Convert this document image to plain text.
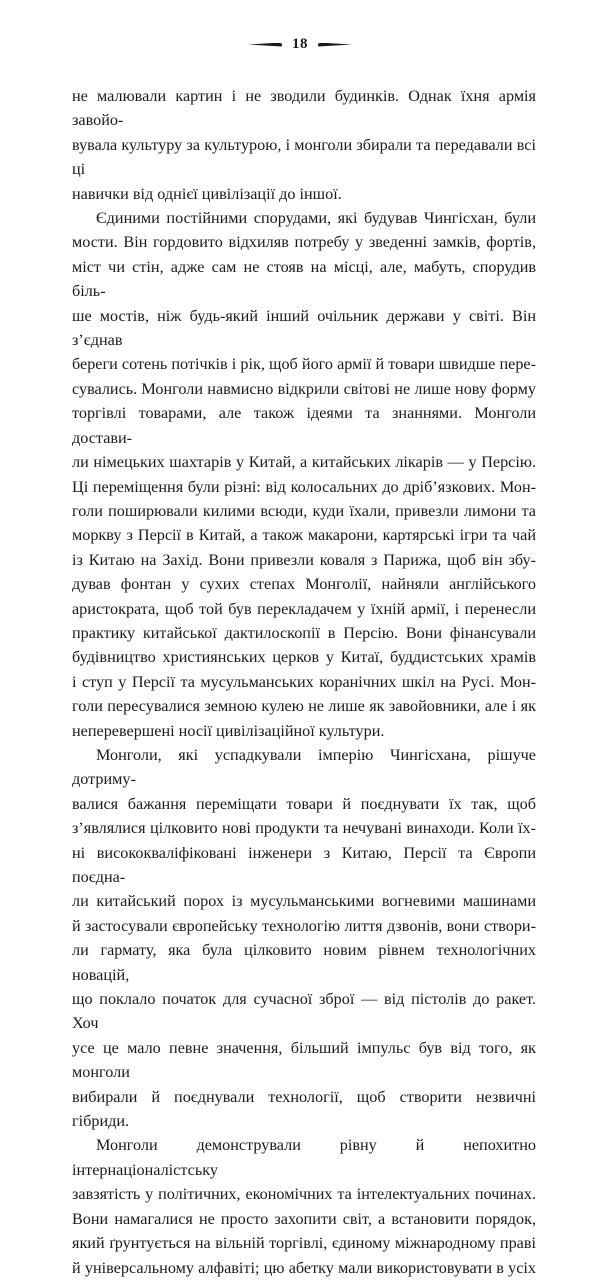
18

не малювали картин і не зводили будинків. Однак їхня армія завойо-

вувала культуру за культурою, і монголи збирали та передавали всі ці

навички від однієї цивілізації до іншої.

Єдиними постійними спорудами, які будував Чингісхан, були

мости. Він гордовито відхиляв потребу у зведенні замків, фортів,

міст чи стін, адже сам не стояв на місці, але, мабуть, спорудив біль-

ше мостів, ніж будь-який інший очільник держави у світі. Він з’єднав

береги сотень потічків і рік, щоб його армії й товари швидше пере-

сувались. Монголи навмисно відкрили світові не лише нову форму

торгівлі товарами, але також ідеями та знаннями. Монголи достави-

ли німецьких шахтарів у Китай, а китайських лікарів — у Персію.

Ці переміщення були різні: від колосальних до дріб’язкових. Мон-

голи поширювали килими всюди, куди їхали, привезли лимони та

моркву з Персії в Китай, а також макарони, картярські ігри та чай

із Китаю на Захід. Вони привезли коваля з Парижа, щоб він збу-

дував фонтан у сухих степах Монголії, найняли англійського

аристократа, щоб той був перекладачем у їхній армії, і перенесли

практику китайської дактилоскопії в Персію. Вони фінансували

будівництво християнських церков у Китаї, буддистських храмів

і ступ у Персії та мусульманських коранічних шкіл на Русі. Мон-

голи пересувалися земною кулею не лише як завойовники, але і як

неперевершені носії цивілізаційної культури.

Монголи, які успадкували імперію Чингісхана, рішуче дотриму-

валися бажання переміщати товари й поєднувати їх так, щоб

з’являлися цілковито нові продукти та нечувані винаходи. Коли їх-

ні висококваліфіковані інженери з Китаю, Персії та Європи поєдна-

ли китайський порох із мусульманськими вогневими машинами

й застосували європейську технологію лиття дзвонів, вони створи-

ли гармату, яка була цілковито новим рівнем технологічних новацій,

що поклало початок для сучасної зброї — від пістолів до ракет. Хоч

усе це мало певне значення, більший імпульс був від того, як монголи

вибирали й поєднували технології, щоб створити незвичні гібриди.

Монголи демонстрували рівну й непохитно інтернаціоналістську

завзятість у політичних, економічних та інтелектуальних починах.

Вони намагалися не просто захопити світ, а встановити порядок,

який ґрунтується на вільній торгівлі, єдиному міжнародному праві

й універсальному алфавіті; цю абетку мали використовувати в усіх
